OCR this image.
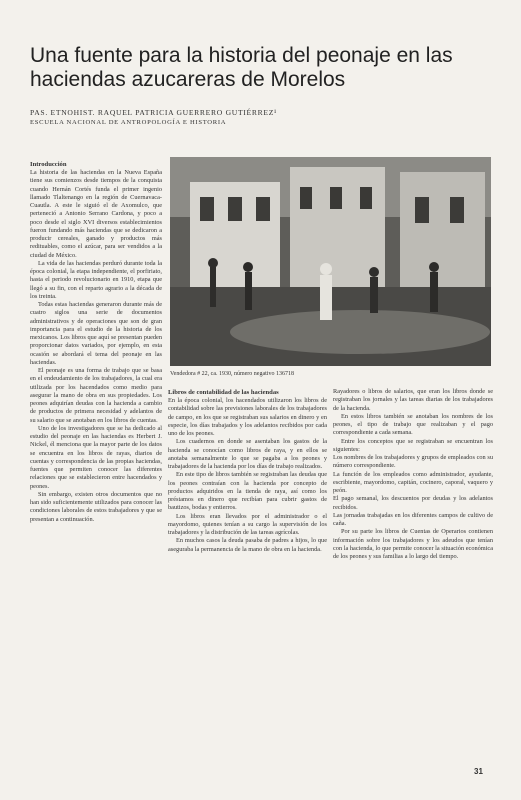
Una fuente para la historia del peonaje en las haciendas azucareras de Morelos
PAS. ETNOHIST. RAQUEL PATRICIA GUERRERO GUTIÉRREZ¹
ESCUELA NACIONAL DE ANTROPOLOGÍA E HISTORIA
Introducción

La historia de las haciendas en la Nueva España tiene sus comienzos desde tiempos de la conquista cuando Hernán Cortés funda el primer ingenio llamado Tlaltenango en la región de Cuernavaca-Cuautla. A este le siguió el de Axomulco, que perteneció a Antonio Serrano Cardona, y poco a poco desde el siglo XVI diversos establecimientos fueron fundando más haciendas que se dedicaron a producir cereales, ganado y productos más redituables, como el azúcar, para ser vendidos a la ciudad de México.

La vida de las haciendas perduró durante toda la época colonial, la etapa independiente, el porfiriato, hasta el periodo revolucionario en 1910, etapa que llegó a su fin, con el reparto agrario a la década de los treinta.

Todas estas haciendas generaron durante más de cuatro siglos una serie de documentos administrativos y de operaciones que son de gran importancia para el estudio de la historia de los mexicanos. Los libros que aquí se presentan pueden proporcionar datos variados, por ejemplo, en esta ocasión se abordará el tema del peonaje en las haciendas.

El peonaje es una forma de trabajo que se basa en el endeudamiento de los trabajadores, la cual era utilizada por los hacendados como medio para asegurar la mano de obra en sus propiedades. Los peones adquirían deudas con la hacienda a cambio de productos de primera necesidad y adelantos de su salario que se anotaban en los libros de cuentas.

Uno de los investigadores que se ha dedicado al estudio del peonaje en las haciendas es Herbert J. Nickel, él menciona que la mayor parte de los datos se encuentra en los libros de rayas, diarios de cuentas y correspondencia de las propias haciendas, fuentes que permiten conocer las diferentes relaciones que se establecieron entre hacendados y peones.

Sin embargo, existen otros documentos que no han sido suficientemente utilizados para conocer las condiciones laborales de estos trabajadores y que se presentan a continuación.

Vendedora # 22, ca. 1930, número negativo 136718
Libros de contabilidad de las haciendas

En la época colonial, los hacendados utilizaron los libros de contabilidad sobre las previsiones laborales de los trabajadores de campo, en los que se registraban sus salarios en dinero y en especie, los días trabajados y los adelantos recibidos por cada uno de los peones.

Los cuadernos en donde se asentaban los gastos de la hacienda se conocían como libros de raya, y en ellos se anotaba semanalmente lo que se pagaba a los peones y trabajadores de la hacienda por los días de trabajo realizados.

En este tipo de libros también se registraban las deudas que los peones contraían con la hacienda por concepto de productos adquiridos en la tienda de raya, así como los préstamos en dinero que recibían para cubrir gastos de bautizos, bodas y entierros.

Los libros eran llevados por el administrador o el mayordomo, quienes tenían a su cargo la supervisión de los trabajadores y la distribución de las tareas agrícolas.

En muchos casos la deuda pasaba de padres a hijos, lo que aseguraba la permanencia de la mano de obra en la hacienda.

Rayadores o libros de salarios, que eran los libros donde se registraban los jornales y las tareas diarias de los trabajadores de la hacienda.

En estos libros también se anotaban los nombres de los peones, el tipo de trabajo que realizaban y el pago correspondiente a cada semana.

Entre los conceptos que se registraban se encuentran los siguientes:

Los nombres de los trabajadores y grupos de empleados con su número correspondiente.

La función de los empleados como administrador, ayudante, escribiente, mayordomo, capitán, cocinero, caporal, vaquero y peón.

El pago semanal, los descuentos por deudas y los adelantos recibidos.

Las jornadas trabajadas en los diferentes campos de cultivo de caña.

Por su parte los libros de Cuentas de Operarios contienen información sobre los trabajadores y los adeudos que tenían con la hacienda, lo que permite conocer la situación económica de los peones y sus familias a lo largo del tiempo.

31
